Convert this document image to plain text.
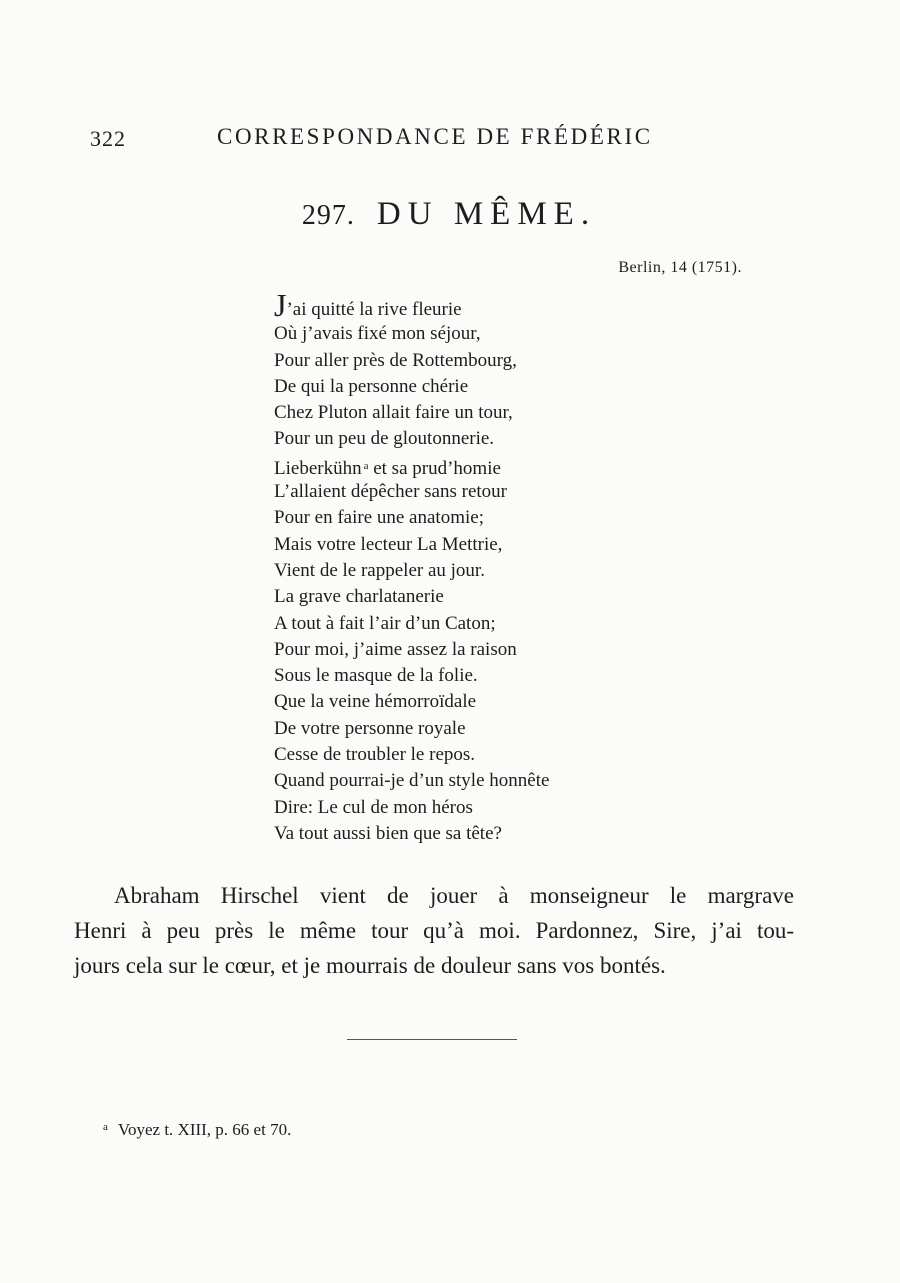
322	CORRESPONDANCE DE FRÉDÉRIC
297. DU MÊME.
Berlin, 14 (1751).
J’ai quitté la rive fleurie
Où j’avais fixé mon séjour,
Pour aller près de Rottembourg,
De qui la personne chérie
Chez Pluton allait faire un tour,
Pour un peu de gloutonnerie.
Lieberkühn $^a$ et sa prud’homie
L’allaient dépêcher sans retour
Pour en faire une anatomie;
Mais votre lecteur La Mettrie,
Vient de le rappeler au jour.
La grave charlatanerie
A tout à fait l’air d’un Caton;
Pour moi, j’aime assez la raison
Sous le masque de la folie.
Que la veine hémorroïdale
De votre personne royale
Cesse de troubler le repos.
Quand pourrai-je d’un style honnête
Dire: Le cul de mon héros
Va tout aussi bien que sa tête?
Abraham Hirschel vient de jouer à monseigneur le margrave
Henri à peu près le même tour qu’à moi. Pardonnez, Sire, j’ai tou-
jours cela sur le cœur, et je mourrais de douleur sans vos bontés.
$^a$ Voyez t. XIII, p. 66 et 70.
